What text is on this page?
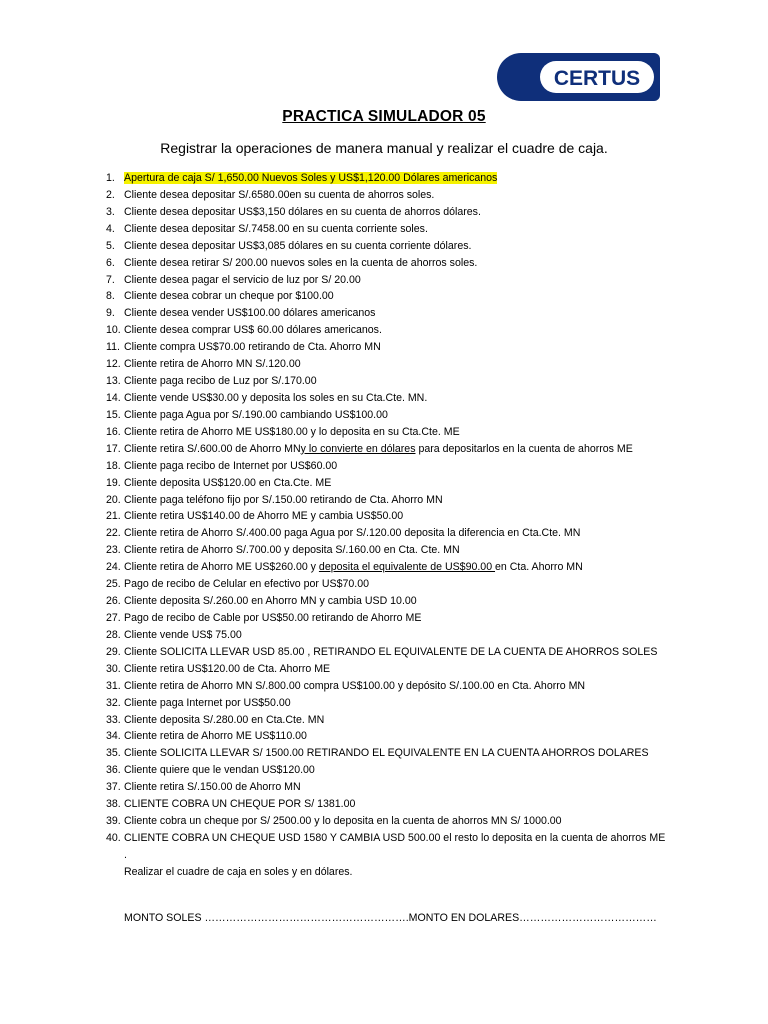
CERTUS
PRACTICA SIMULADOR 05
Registrar la operaciones de manera manual y realizar el cuadre de caja.
1. Apertura de caja S/ 1,650.00 Nuevos Soles y US$1,120.00 Dólares americanos
2. Cliente desea depositar S/.6580.00en su cuenta de ahorros soles.
3. Cliente desea depositar US$3,150 dólares en su cuenta de ahorros dólares.
4. Cliente desea depositar S/.7458.00 en su cuenta corriente soles.
5. Cliente desea depositar US$3,085 dólares en su cuenta corriente dólares.
6. Cliente desea retirar S/ 200.00 nuevos soles en la cuenta de ahorros soles.
7. Cliente desea pagar el servicio de luz por S/ 20.00
8. Cliente desea cobrar un cheque por $100.00
9. Cliente desea vender US$100.00 dólares americanos
10. Cliente desea comprar US$ 60.00 dólares americanos.
11. Cliente compra US$70.00 retirando de Cta. Ahorro MN
12. Cliente retira de Ahorro MN S/.120.00
13. Cliente paga recibo de Luz por S/.170.00
14. Cliente vende US$30.00 y deposita los soles en su Cta.Cte. MN.
15. Cliente paga Agua por S/.190.00 cambiando US$100.00
16. Cliente retira de Ahorro ME US$180.00 y lo deposita en su Cta.Cte. ME
17. Cliente retira S/.600.00 de Ahorro MNy lo convierte en dólares para depositarlos en la cuenta de ahorros ME
18. Cliente paga recibo de Internet por US$60.00
19. Cliente deposita US$120.00 en Cta.Cte. ME
20. Cliente paga teléfono fijo por S/.150.00 retirando de Cta. Ahorro MN
21. Cliente retira US$140.00 de Ahorro ME y cambia US$50.00
22. Cliente retira de Ahorro S/.400.00 paga Agua por S/.120.00 deposita la diferencia en Cta.Cte. MN
23. Cliente retira de Ahorro S/.700.00 y deposita S/.160.00 en Cta. Cte. MN
24. Cliente retira de Ahorro ME US$260.00 y deposita el equivalente de US$90.00 en Cta. Ahorro MN
25. Pago de recibo de Celular en efectivo por US$70.00
26. Cliente deposita S/.260.00 en Ahorro MN y cambia USD 10.00
27. Pago de recibo de Cable por US$50.00 retirando de Ahorro ME
28. Cliente vende US$ 75.00
29. Cliente SOLICITA LLEVAR USD 85.00 , RETIRANDO EL EQUIVALENTE DE LA CUENTA DE AHORROS SOLES
30. Cliente retira US$120.00 de Cta. Ahorro ME
31. Cliente retira de Ahorro MN S/.800.00 compra US$100.00 y depósito S/.100.00 en Cta. Ahorro MN
32. Cliente paga Internet por US$50.00
33. Cliente deposita S/.280.00 en Cta.Cte. MN
34. Cliente retira de Ahorro ME US$110.00
35. Cliente SOLICITA LLEVAR S/ 1500.00 RETIRANDO EL EQUIVALENTE EN LA CUENTA AHORROS DOLARES
36. Cliente quiere que le vendan US$120.00
37. Cliente retira S/.150.00 de Ahorro MN
38. CLIENTE COBRA UN CHEQUE POR S/ 1381.00
39. Cliente cobra un cheque por S/ 2500.00 y lo deposita en la cuenta de ahorros MN S/ 1000.00
40. CLIENTE COBRA UN CHEQUE USD 1580 Y CAMBIA USD 500.00 el resto lo deposita en la cuenta de ahorros ME .
Realizar el cuadre de caja en soles y en dólares.
MONTO SOLES ………………………………………………….MONTO EN DOLARES…………………………………
